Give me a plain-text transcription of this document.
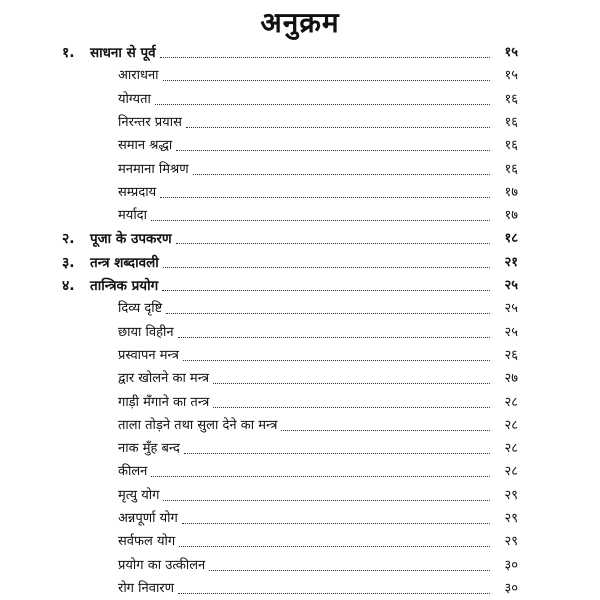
अनुक्रम
१.	साधना से पूर्व	१५
आराधना	१५
योग्यता	१६
निरन्तर प्रयास	१६
समान श्रद्धा	१६
मनमाना मिश्रण	१६
सम्प्रदाय	१७
मर्यादा	१७
२.	पूजा के उपकरण	१८
३.	तन्त्र शब्दावली	२१
४.	तान्त्रिक प्रयोग	२५
दिव्य दृष्टि	२५
छाया विहीन	२५
प्रस्वापन मन्त्र	२६
द्वार खोलने का मन्त्र	२७
गाड़ी मँगाने का तन्त्र	२८
ताला तोड़ने तथा सुला देने का मन्त्र	२८
नाक मुँह बन्द	२८
कीलन	२८
मृत्यु योग	२९
अन्नपूर्णा योग	२९
सर्वफल योग	२९
प्रयोग का उत्कीलन	३०
रोग निवारण	३०
